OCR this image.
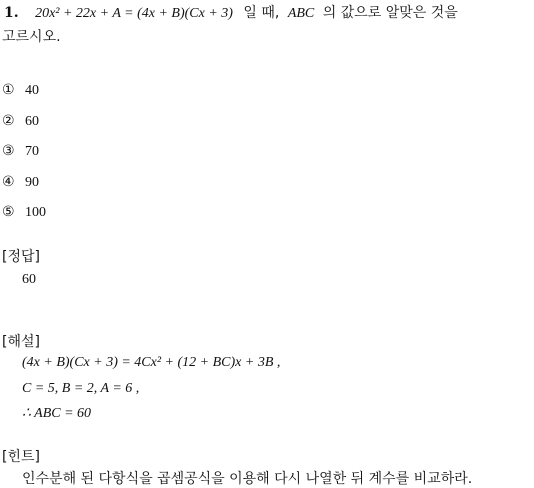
1. 20x² + 22x + A = (4x + B)(Cx + 3) 일 때, ABC 의 값으로 알맞은 것을
고르시오.
① 40
② 60
③ 70
④ 90
⑤ 100
[정답]
60
[해설]
(4x + B)(Cx + 3) = 4Cx² + (12 + BC)x + 3B ,
C = 5, B = 2, A = 6 ,
∴ ABC = 60
[힌트]
인수분해 된 다항식을 곱셈공식을 이용해 다시 나열한 뒤 계수를 비교하라.
